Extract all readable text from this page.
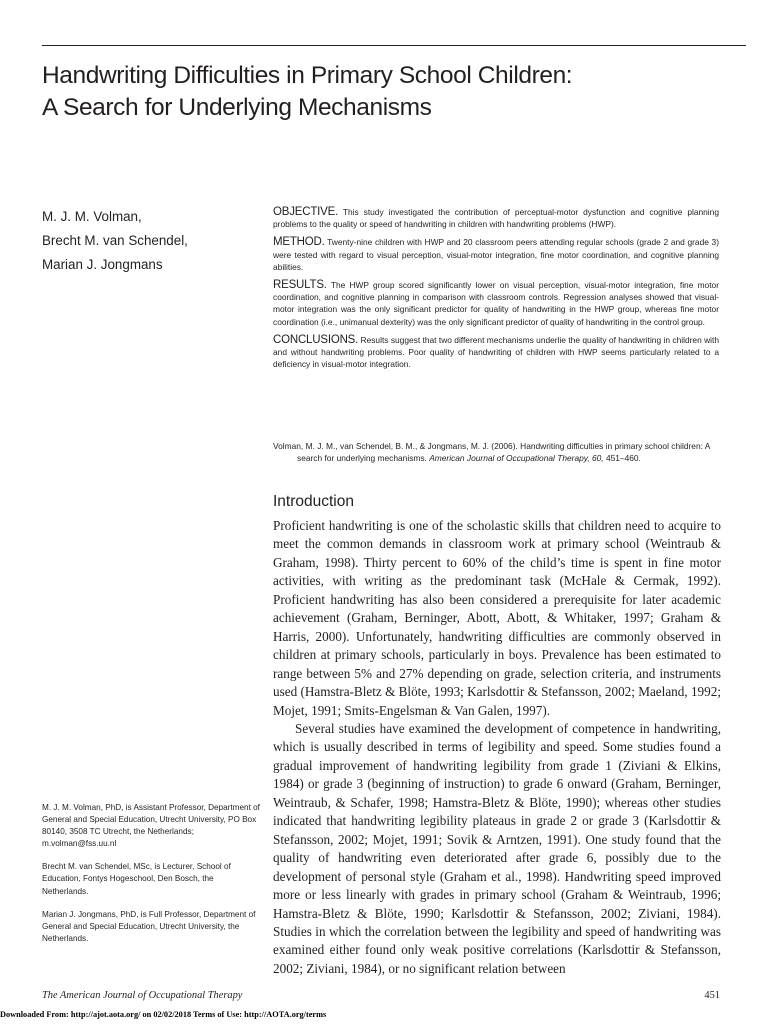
Handwriting Difficulties in Primary School Children:
A Search for Underlying Mechanisms
M. J. M. Volman,
Brecht M. van Schendel,
Marian J. Jongmans

OBJECTIVE. This study investigated the contribution of perceptual-motor dysfunction and cognitive planning problems to the quality or speed of handwriting in children with handwriting problems (HWP).

METHOD. Twenty-nine children with HWP and 20 classroom peers attending regular schools (grade 2 and grade 3) were tested with regard to visual perception, visual-motor integration, fine motor coordination, and cognitive planning abilities.

RESULTS. The HWP group scored significantly lower on visual perception, visual-motor integration, fine motor coordination, and cognitive planning in comparison with classroom controls. Regression analyses showed that visual-motor integration was the only significant predictor for quality of handwriting in the HWP group, whereas fine motor coordination (i.e., unimanual dexterity) was the only significant predictor of quality of handwriting in the control group.

CONCLUSIONS. Results suggest that two different mechanisms underlie the quality of handwriting in children with and without handwriting problems. Poor quality of handwriting of children with HWP seems particularly related to a deficiency in visual-motor integration.

Volman, M. J. M., van Schendel, B. M., & Jongmans, M. J. (2006). Handwriting difficulties in primary school children: A search for underlying mechanisms. American Journal of Occupational Therapy, 60, 451–460.

Introduction

Proficient handwriting is one of the scholastic skills that children need to acquire to meet the common demands in classroom work at primary school (Weintraub & Graham, 1998). Thirty percent to 60% of the child’s time is spent in fine motor activities, with writing as the predominant task (McHale & Cermak, 1992). Proficient handwriting has also been considered a prerequisite for later academic achievement (Graham, Berninger, Abott, Abott, & Whitaker, 1997; Graham & Harris, 2000). Unfortunately, handwriting difficulties are commonly observed in children at primary schools, particularly in boys. Prevalence has been estimated to range between 5% and 27% depending on grade, selection criteria, and instruments used (Hamstra-Bletz & Blöte, 1993; Karlsdottir & Stefansson, 2002; Maeland, 1992; Mojet, 1991; Smits-Engelsman & Van Galen, 1997).

Several studies have examined the development of competence in handwriting, which is usually described in terms of legibility and speed. Some studies found a gradual improvement of handwriting legibility from grade 1 (Ziviani & Elkins, 1984) or grade 3 (beginning of instruction) to grade 6 onward (Graham, Berninger, Weintraub, & Schafer, 1998; Hamstra-Bletz & Blöte, 1990); whereas other studies indicated that handwriting legibility plateaus in grade 2 or grade 3 (Karlsdottir & Stefansson, 2002; Mojet, 1991; Sovik & Arntzen, 1991). One study found that the quality of handwriting even deteriorated after grade 6, possibly due to the development of personal style (Graham et al., 1998). Handwriting speed improved more or less linearly with grades in primary school (Graham & Weintraub, 1996; Hamstra-Bletz & Blöte, 1990; Karlsdottir & Stefansson, 2002; Ziviani, 1984). Studies in which the correlation between the legibility and speed of handwriting was examined either found only weak positive correlations (Karlsdottir & Stefansson, 2002; Ziviani, 1984), or no significant relation between

M. J. M. Volman, PhD, is Assistant Professor, Department of General and Special Education, Utrecht University, PO Box 80140, 3508 TC Utrecht, the Netherlands; m.volman@fss.uu.nl

Brecht M. van Schendel, MSc, is Lecturer, School of Education, Fontys Hogeschool, Den Bosch, the Netherlands.

Marian J. Jongmans, PhD, is Full Professor, Department of General and Special Education, Utrecht University, the Netherlands.

The American Journal of Occupational Therapy	451
Downloaded From: http://ajot.aota.org/ on 02/02/2018 Terms of Use: http://AOTA.org/terms
